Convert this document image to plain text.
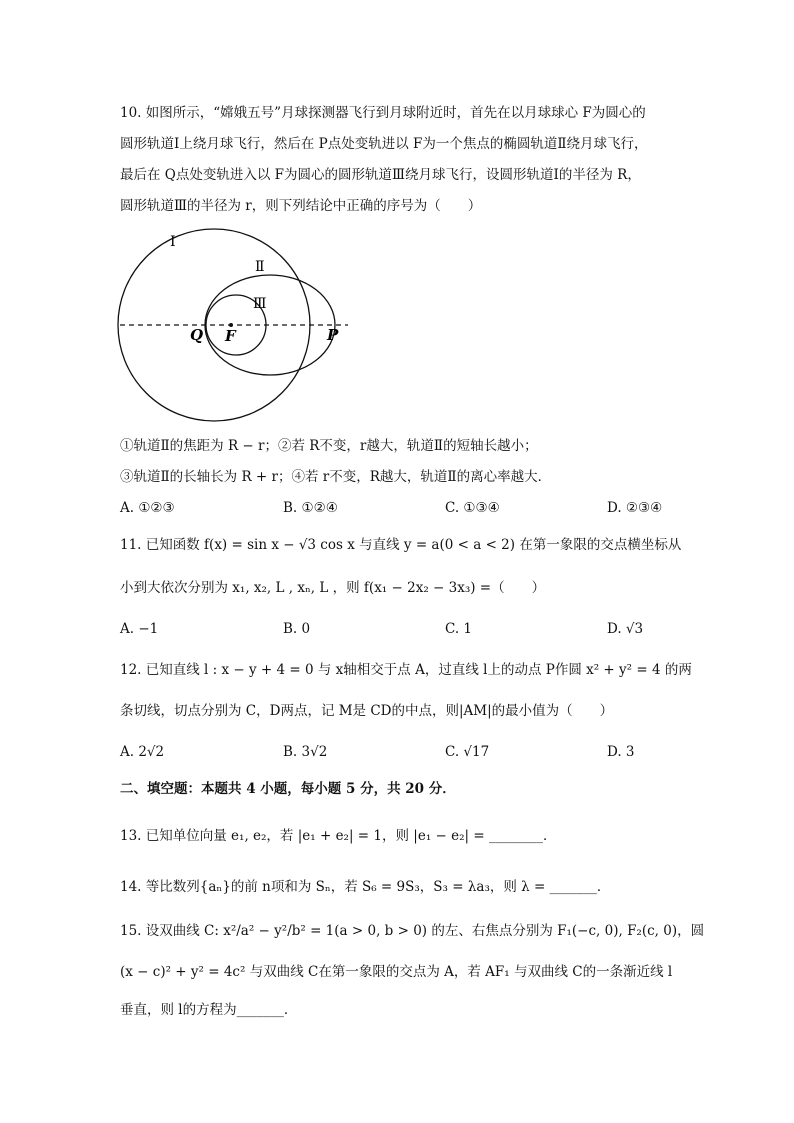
10. 如图所示，“嫦娥五号”月球探测器飞行到月球附近时，首先在以月球球心 F为圆心的
圆形轨道Ⅰ上绕月球飞行，然后在 P点处变轨进以 F为一个焦点的椭圆轨道Ⅱ绕月球飞行，
最后在 Q点处变轨进入以 F为圆心的圆形轨道Ⅲ绕月球飞行，设圆形轨道Ⅰ的半径为 R，
圆形轨道Ⅲ的半径为 r，则下列结论中正确的序号为（　　）
Ⅰ
Ⅱ
Ⅲ
Q F	P
①轨道Ⅱ的焦距为 R − r；②若 R不变，r越大，轨道Ⅱ的短轴长越小；
③轨道Ⅱ的长轴长为 R + r；④若 r不变，R越大，轨道Ⅱ的离心率越大．
A. ①②③	B. ①②④	C. ①③④	D. ②③④
11. 已知函数 f(x) = sin x − √3 cos x 与直线 y = a(0 < a < 2) 在第一象限的交点横坐标从
小到大依次分别为 x₁, x₂, L , xₙ, L ，则 f(x₁ − 2x₂ − 3x₃) =（　　）
A. −1	B. 0	C. 1	D. √3
12. 已知直线 l : x − y + 4 = 0 与 x轴相交于点 A，过直线 l上的动点 P作圆 x² + y² = 4 的两
条切线，切点分别为 C，D两点，记 M是 CD的中点，则|AM|的最小值为（　　）
A. 2√2	B. 3√2	C. √17	D. 3
二、填空题：本题共 4 小题，每小题 5 分，共 20 分．
13. 已知单位向量 e₁, e₂，若 |e₁ + e₂| = 1，则 |e₁ − e₂| = ________．
14. 等比数列{aₙ}的前 n项和为 Sₙ，若 S₆ = 9S₃，S₃ = λa₃，则 λ = _______．
15. 设双曲线 C: x²/a² − y²/b² = 1(a > 0, b > 0) 的左、右焦点分别为 F₁(−c, 0), F₂(c, 0)，圆
(x − c)² + y² = 4c² 与双曲线 C在第一象限的交点为 A，若 AF₁ 与双曲线 C的一条渐近线 l
垂直，则 l的方程为_______．
